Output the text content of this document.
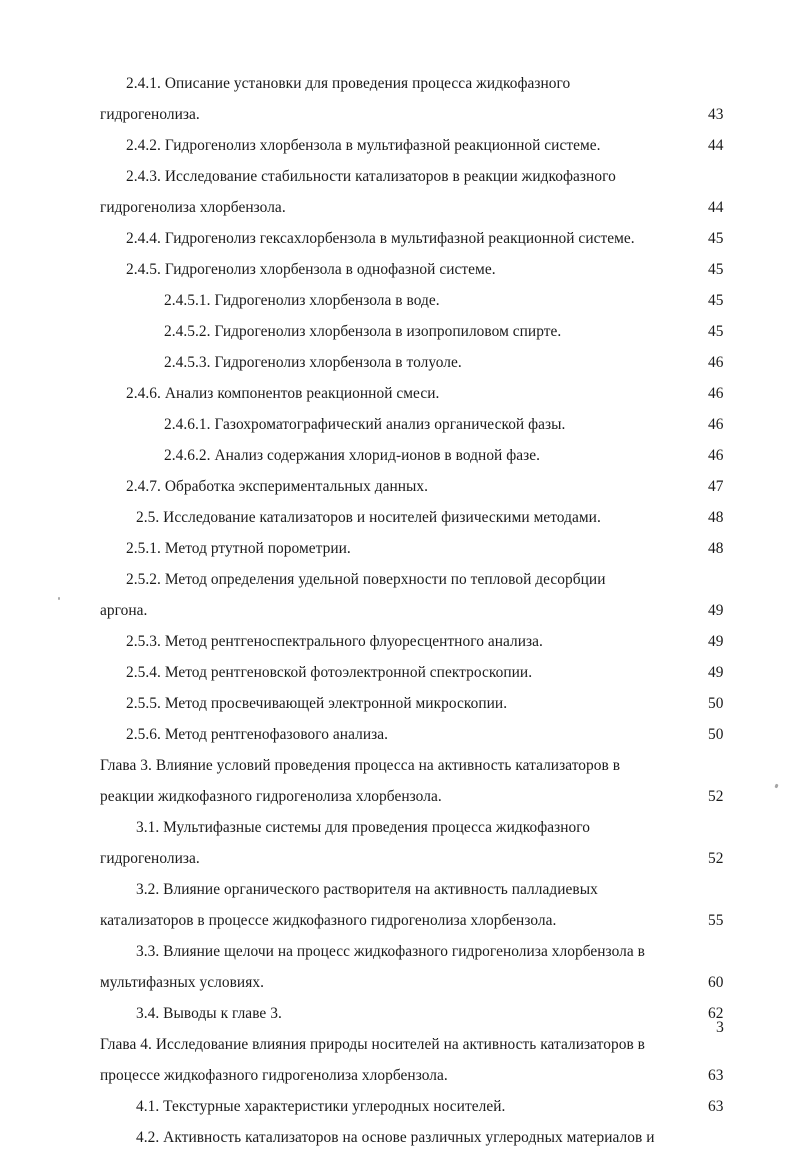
2.4.1. Описание установки для проведения процесса жидкофазного
гидрогенолиза.	43
2.4.2. Гидрогенолиз хлорбензола в мультифазной реакционной системе.	44
2.4.3. Исследование стабильности катализаторов в реакции жидкофазного
гидрогенолиза хлорбензола.	44
2.4.4. Гидрогенолиз гексахлорбензола в мультифазной реакционной системе.	45
2.4.5. Гидрогенолиз хлорбензола в однофазной системе.	45
2.4.5.1. Гидрогенолиз хлорбензола в воде.	45
2.4.5.2. Гидрогенолиз хлорбензола в изопропиловом спирте.	45
2.4.5.3. Гидрогенолиз хлорбензола в толуоле.	46
2.4.6. Анализ компонентов реакционной смеси.	46
2.4.6.1. Газохроматографический анализ органической фазы.	46
2.4.6.2. Анализ содержания хлорид-ионов в водной фазе.	46
2.4.7. Обработка экспериментальных данных.	47
2.5. Исследование катализаторов и носителей физическими методами.	48
2.5.1. Метод ртутной порометрии.	48
2.5.2. Метод определения удельной поверхности по тепловой десорбции
аргона.	49
2.5.3. Метод рентгеноспектрального флуоресцентного анализа.	49
2.5.4. Метод рентгеновской фотоэлектронной спектроскопии.	49
2.5.5. Метод просвечивающей электронной микроскопии.	50
2.5.6. Метод рентгенофазового анализа.	50
Глава 3. Влияние условий проведения процесса на активность катализаторов в
реакции жидкофазного гидрогенолиза хлорбензола.	52
3.1. Мультифазные системы для проведения процесса жидкофазного
гидрогенолиза.	52
3.2. Влияние органического растворителя на активность палладиевых
катализаторов в процессе жидкофазного гидрогенолиза хлорбензола.	55
3.3. Влияние щелочи на процесс жидкофазного гидрогенолиза хлорбензола в
мультифазных условиях.	60
3.4. Выводы к главе 3.	62
Глава 4. Исследование влияния природы носителей на активность катализаторов в
процессе жидкофазного гидрогенолиза хлорбензола.	63
4.1. Текстурные характеристики углеродных носителей.	63
4.2. Активность катализаторов на основе различных углеродных материалов и
3
